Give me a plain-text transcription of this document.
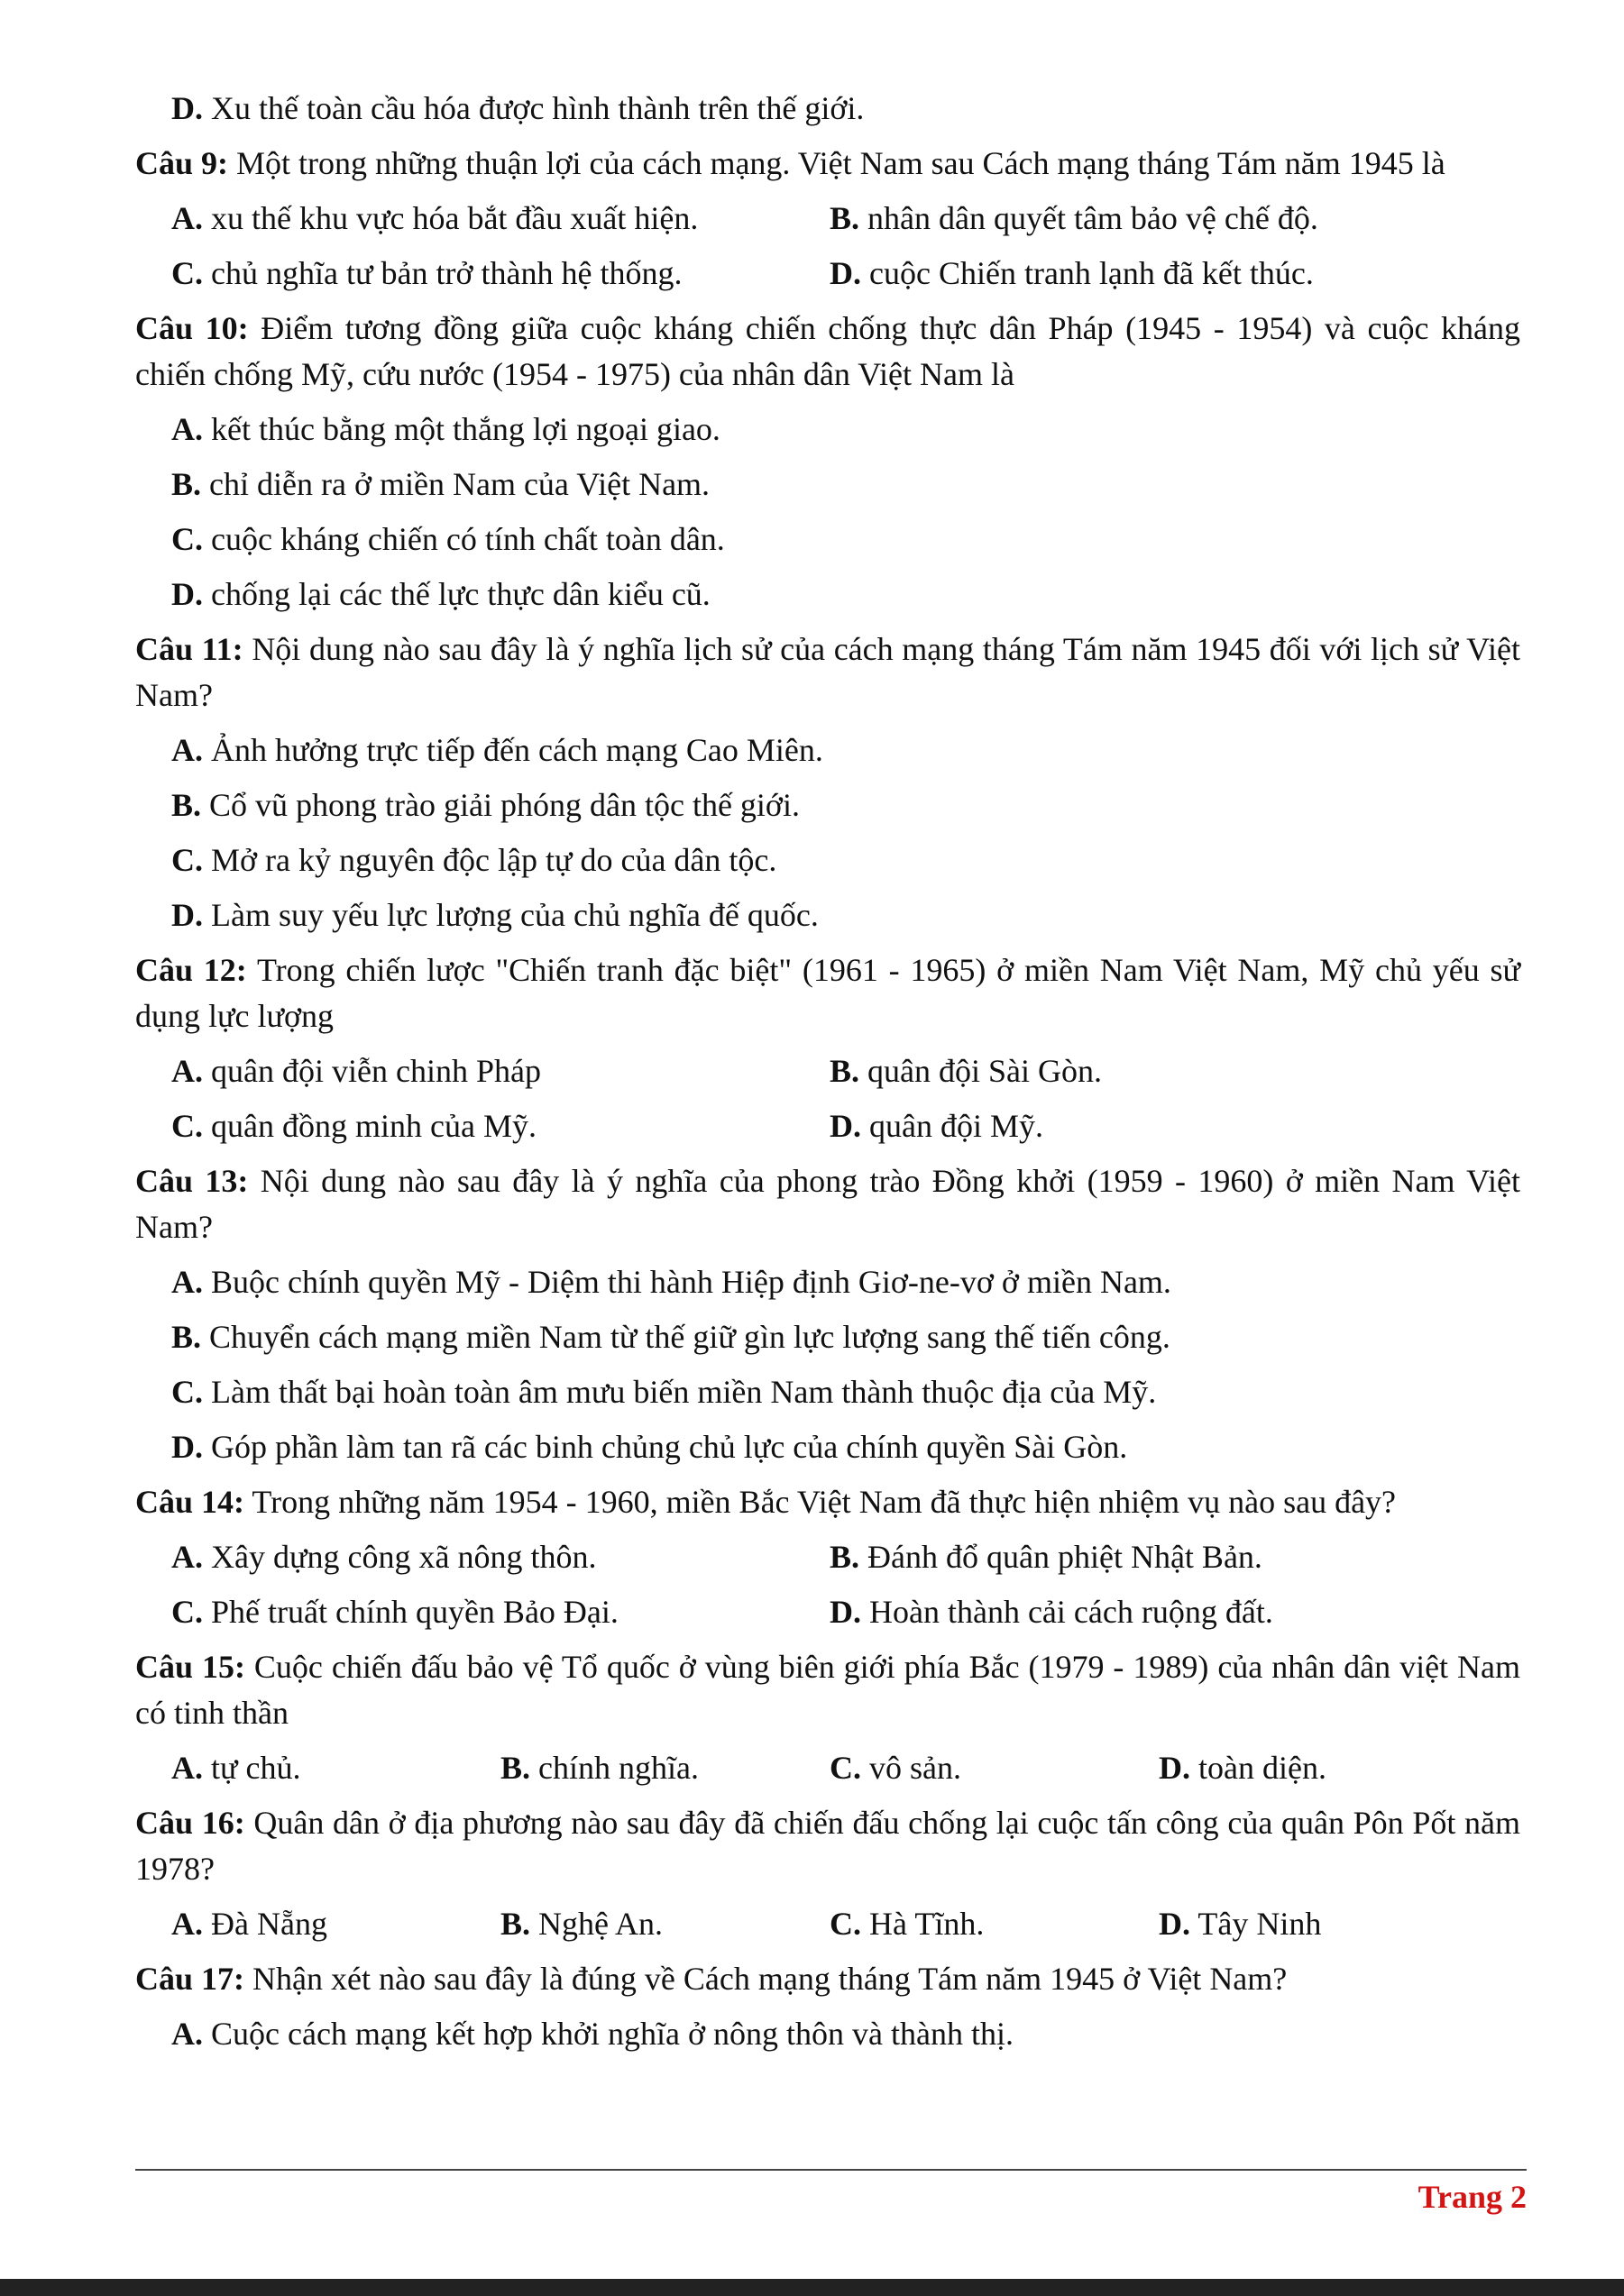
D. Xu thế toàn cầu hóa được hình thành trên thế giới.

Câu 9: Một trong những thuận lợi của cách mạng. Việt Nam sau Cách mạng tháng Tám năm 1945 là

A. xu thế khu vực hóa bắt đầu xuất hiện.	B. nhân dân quyết tâm bảo vệ chế độ.
C. chủ nghĩa tư bản trở thành hệ thống.	D. cuộc Chiến tranh lạnh đã kết thúc.

Câu 10: Điểm tương đồng giữa cuộc kháng chiến chống thực dân Pháp (1945 - 1954) và cuộc kháng chiến chống Mỹ, cứu nước (1954 - 1975) của nhân dân Việt Nam là

A. kết thúc bằng một thắng lợi ngoại giao.

B. chỉ diễn ra ở miền Nam của Việt Nam.

C. cuộc kháng chiến có tính chất toàn dân.

D. chống lại các thế lực thực dân kiểu cũ.

Câu 11: Nội dung nào sau đây là ý nghĩa lịch sử của cách mạng tháng Tám năm 1945 đối với lịch sử Việt Nam?

A. Ảnh hưởng trực tiếp đến cách mạng Cao Miên.

B. Cổ vũ phong trào giải phóng dân tộc thế giới.

C. Mở ra kỷ nguyên độc lập tự do của dân tộc.

D. Làm suy yếu lực lượng của chủ nghĩa đế quốc.

Câu 12: Trong chiến lược "Chiến tranh đặc biệt" (1961 - 1965) ở miền Nam Việt Nam, Mỹ chủ yếu sử dụng lực lượng

A. quân đội viễn chinh Pháp	B. quân đội Sài Gòn.
C. quân đồng minh của Mỹ.	D. quân đội Mỹ.

Câu 13: Nội dung nào sau đây là ý nghĩa của phong trào Đồng khởi (1959 - 1960) ở miền Nam Việt Nam?

A. Buộc chính quyền Mỹ - Diệm thi hành Hiệp định Giơ-ne-vơ ở miền Nam.

B. Chuyển cách mạng miền Nam từ thế giữ gìn lực lượng sang thế tiến công.

C. Làm thất bại hoàn toàn âm mưu biến miền Nam thành thuộc địa của Mỹ.

D. Góp phần làm tan rã các binh chủng chủ lực của chính quyền Sài Gòn.

Câu 14: Trong những năm 1954 - 1960, miền Bắc Việt Nam đã thực hiện nhiệm vụ nào sau đây?

A. Xây dựng công xã nông thôn.	B. Đánh đổ quân phiệt Nhật Bản.
C. Phế truất chính quyền Bảo Đại.	D. Hoàn thành cải cách ruộng đất.

Câu 15: Cuộc chiến đấu bảo vệ Tổ quốc ở vùng biên giới phía Bắc (1979 - 1989) của nhân dân việt Nam có tinh thần

A. tự chủ.	B. chính nghĩa.	C. vô sản.	D. toàn diện.

Câu 16: Quân dân ở địa phương nào sau đây đã chiến đấu chống lại cuộc tấn công của quân Pôn Pốt năm 1978?

A. Đà Nẵng	B. Nghệ An.	C. Hà Tĩnh.	D. Tây Ninh

Câu 17: Nhận xét nào sau đây là đúng về Cách mạng tháng Tám năm 1945 ở Việt Nam?

A. Cuộc cách mạng kết hợp khởi nghĩa ở nông thôn và thành thị.

Trang 2
